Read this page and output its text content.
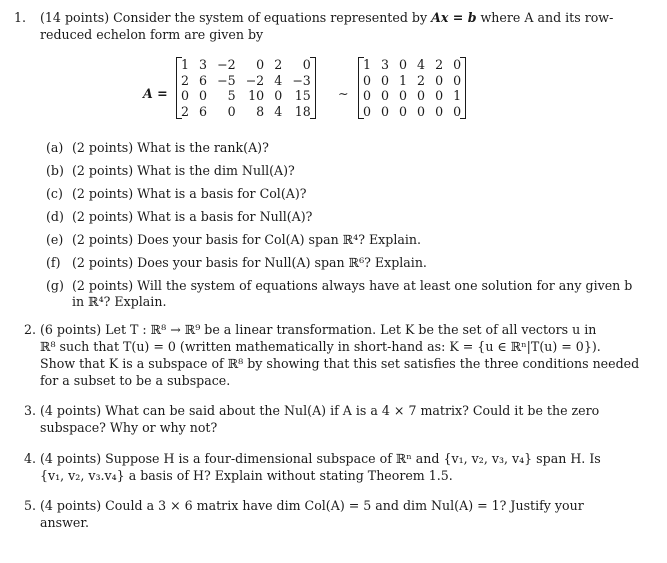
1. (14 points) Consider the system of equations represented by Ax = b where A and its row-
reduced echelon form are given by
A =
1	3	−2	0	2	0
2	6	−5	−2	4	−3
0	0	5	10	0	15
2	6	0	8	4	18
∼
1	3	0	4	2	0
0	0	1	2	0	0
0	0	0	0	0	1
0	0	0	0	0	0
(a) (2 points) What is the rank(A)?
(b) (2 points) What is the dim Null(A)?
(c) (2 points) What is a basis for Col(A)?
(d) (2 points) What is a basis for Null(A)?
(e) (2 points) Does your basis for Col(A) span ℝ⁴? Explain.
(f) (2 points) Does your basis for Null(A) span ℝ⁶? Explain.
(g) (2 points) Will the system of equations always have at least one solution for any given b
in ℝ⁴? Explain.
2. (6 points) Let T : ℝ⁸ → ℝ⁹ be a linear transformation. Let K be the set of all vectors u in
ℝ⁸ such that T(u) = 0 (written mathematically in short-hand as: K = {u ∈ ℝⁿ|T(u) = 0}).
Show that K is a subspace of ℝ⁸ by showing that this set satisfies the three conditions needed
for a subset to be a subspace.
3. (4 points) What can be said about the Nul(A) if A is a 4 × 7 matrix? Could it be the zero
subspace? Why or why not?
4. (4 points) Suppose H is a four-dimensional subspace of ℝⁿ and {v₁, v₂, v₃, v₄} span H. Is
{v₁, v₂, v₃.v₄} a basis of H? Explain without stating Theorem 1.5.
5. (4 points) Could a 3 × 6 matrix have dim Col(A) = 5 and dim Nul(A) = 1? Justify your
answer.
